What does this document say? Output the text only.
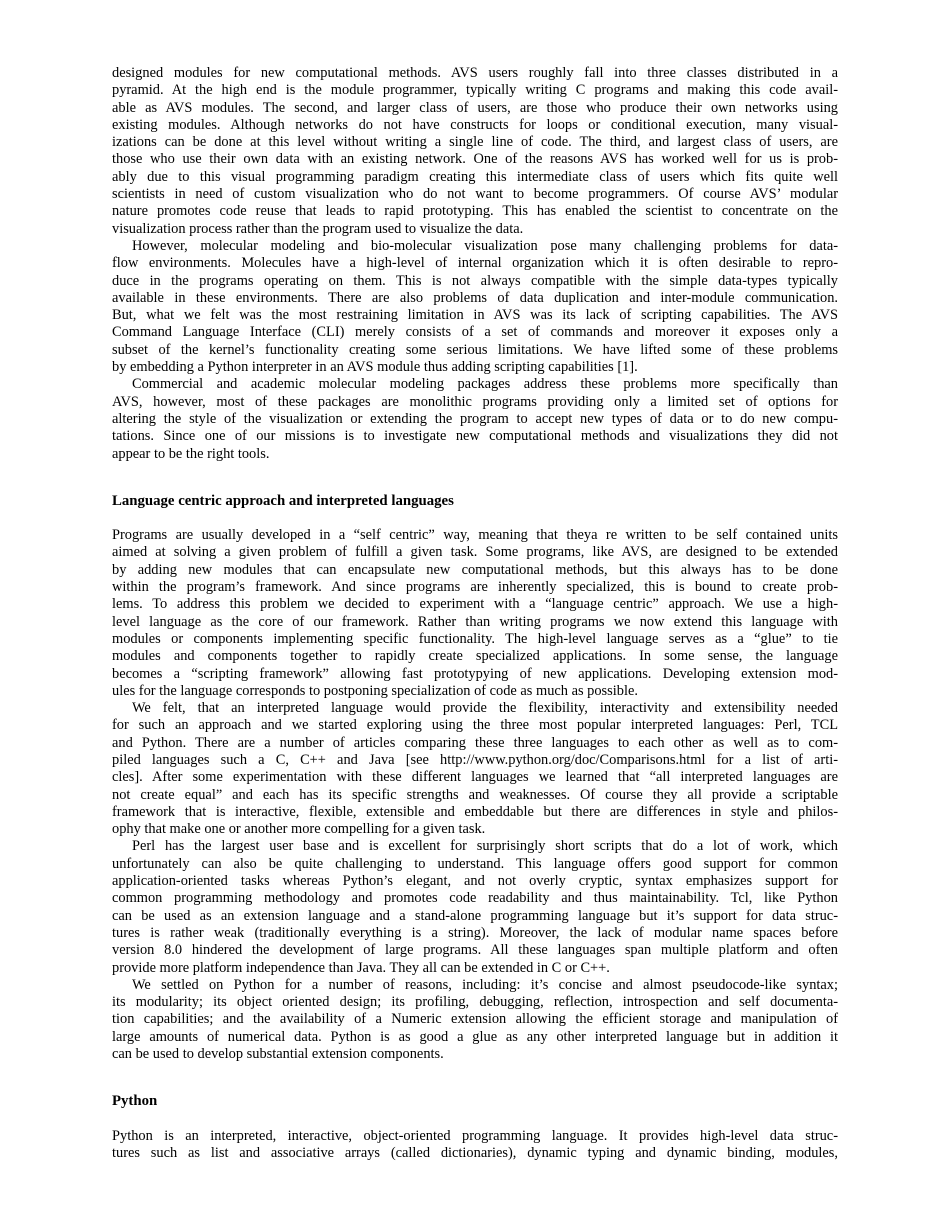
designed modules for new computational methods. AVS users roughly fall into three classes distributed in a
pyramid. At the high end is the module programmer, typically writing C programs and making this code avail-
able as AVS modules. The second, and larger class of users, are those who produce their own networks using
existing modules. Although networks do not have constructs for loops or conditional execution, many visual-
izations can be done at this level without writing a single line of code. The third, and largest class of users, are
those who use their own data with an existing network. One of the reasons AVS has worked well for us is prob-
ably due to this visual programming paradigm creating this intermediate class of users which fits quite well
scientists in need of custom visualization who do not want to become programmers. Of course AVS’ modular
nature promotes code reuse that leads to rapid prototyping. This has enabled the scientist to concentrate on the
visualization process rather than the program used to visualize the data.
However, molecular modeling and bio-molecular visualization pose many challenging problems for data-
flow environments. Molecules have a high-level of internal organization which it is often desirable to repro-
duce in the programs operating on them. This is not always compatible with the simple data-types typically
available in these environments. There are also problems of data duplication and inter-module communication.
But, what we felt was the most restraining limitation in AVS was its lack of scripting capabilities. The AVS
Command Language Interface (CLI) merely consists of a set of commands and moreover it exposes only a
subset of the kernel’s functionality creating some serious limitations. We have lifted some of these problems
by embedding a Python interpreter in an AVS module thus adding scripting capabilities [1].
Commercial and academic molecular modeling packages address these problems more specifically than
AVS, however, most of these packages are monolithic programs providing only a limited set of options for
altering the style of the visualization or extending the program to accept new types of data or to do new compu-
tations. Since one of our missions is to investigate new computational methods and visualizations they did not
appear to be the right tools.
Language centric approach and interpreted languages
Programs are usually developed in a “self centric” way, meaning that theya re written to be self contained units
aimed at solving a given problem of fulfill a given task. Some programs, like AVS, are designed to be extended
by adding new modules that can encapsulate new computational methods, but this always has to be done
within the program’s framework. And since programs are inherently specialized, this is bound to create prob-
lems. To address this problem we decided to experiment with a “language centric” approach. We use a high-
level language as the core of our framework. Rather than writing programs we now extend this language with
modules or components implementing specific functionality. The high-level language serves as a “glue” to tie
modules and components together to rapidly create specialized applications. In some sense, the language
becomes a “scripting framework” allowing fast prototypying of new applications. Developing extension mod-
ules for the language corresponds to postponing specialization of code as much as possible.
We felt, that an interpreted language would provide the flexibility, interactivity and extensibility needed
for such an approach and we started exploring using the three most popular interpreted languages: Perl, TCL
and Python. There are a number of articles comparing these three languages to each other as well as to com-
piled languages such a C, C++ and Java [see http://www.python.org/doc/Comparisons.html for a list of arti-
cles]. After some experimentation with these different languages we learned that “all interpreted languages are
not create equal” and each has its specific strengths and weaknesses. Of course they all provide a scriptable
framework that is interactive, flexible, extensible and embeddable but there are differences in style and philos-
ophy that make one or another more compelling for a given task.
Perl has the largest user base and is excellent for surprisingly short scripts that do a lot of work, which
unfortunately can also be quite challenging to understand. This language offers good support for common
application-oriented tasks whereas Python’s elegant, and not overly cryptic, syntax emphasizes support for
common programming methodology and promotes code readability and thus maintainability. Tcl, like Python
can be used as an extension language and a stand-alone programming language but it’s support for data struc-
tures is rather weak (traditionally everything is a string). Moreover, the lack of modular name spaces before
version 8.0 hindered the development of large programs. All these languages span multiple platform and often
provide more platform independence than Java. They all can be extended in C or C++.
We settled on Python for a number of reasons, including: it’s concise and almost pseudocode-like syntax;
its modularity; its object oriented design; its profiling, debugging, reflection, introspection and self documenta-
tion capabilities; and the availability of a Numeric extension allowing the efficient storage and manipulation of
large amounts of numerical data. Python is as good a glue as any other interpreted language but in addition it
can be used to develop substantial extension components.
Python
Python is an interpreted, interactive, object-oriented programming language. It provides high-level data struc-
tures such as list and associative arrays (called dictionaries), dynamic typing and dynamic binding, modules,
